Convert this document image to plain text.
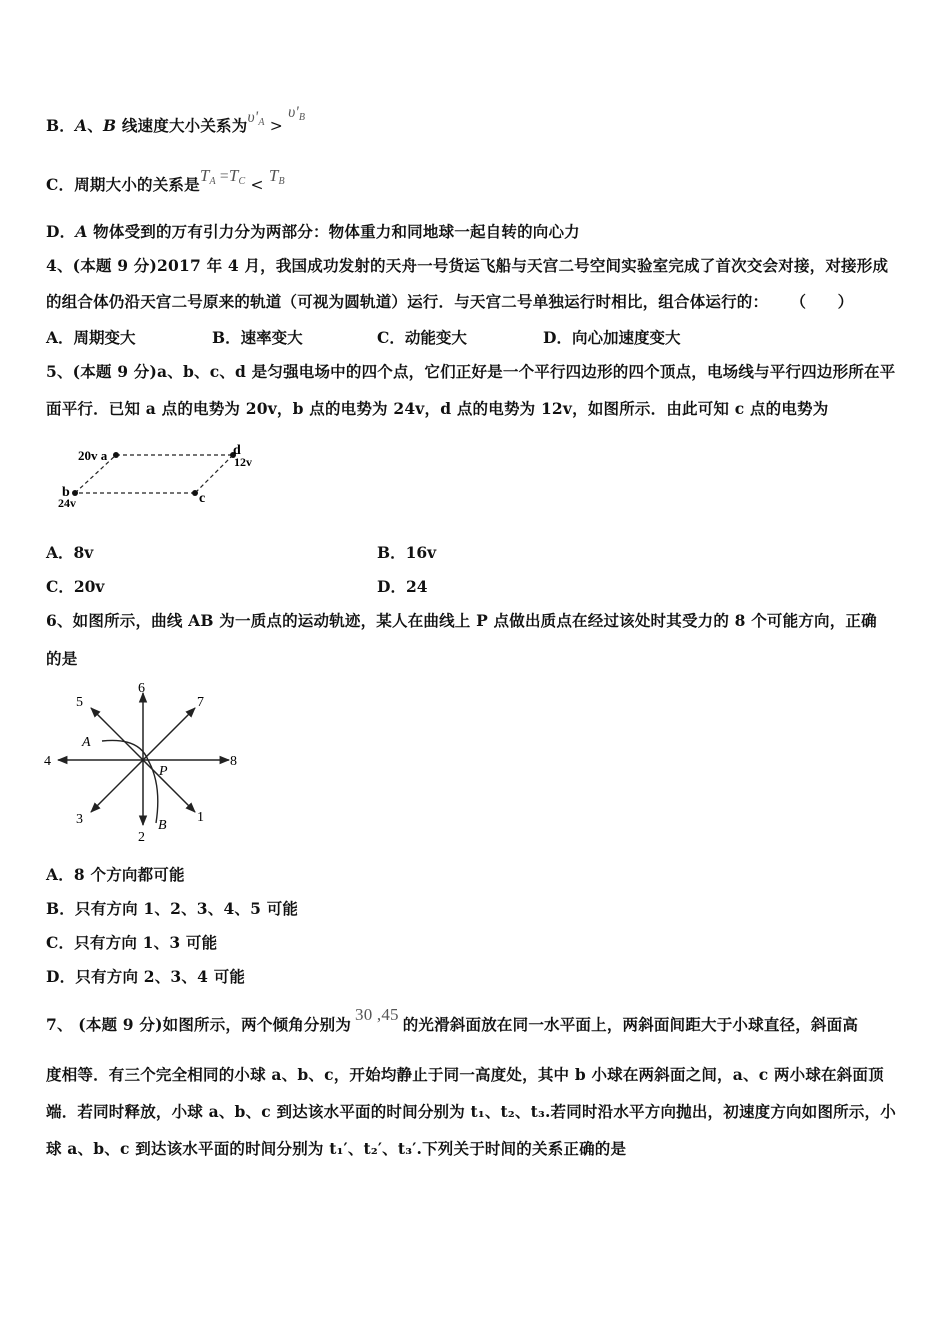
B．A、B 线速度大小关系为$\upsilon'_A > \upsilon'_B$
C．周期大小的关系是$T_A =T_C < T_B$
D．A 物体受到的万有引力分为两部分：物体重力和同地球一起自转的向心力
4、(本题 9 分)2017 年 4 月，我国成功发射的天舟一号货运飞船与天宫二号空间实验室完成了首次交会对接，对接形成
的组合体仍沿天宫二号原来的轨道（可视为圆轨道）运行．与天宫二号单独运行时相比，组合体运行的： （　　）
A．周期变大	B．速率变大	C．动能变大	D．向心加速度变大
5、(本题 9 分)a、b、c、d 是匀强电场中的四个点，它们正好是一个平行四边形的四个顶点，电场线与平行四边形所在平
面平行．已知 a 点的电势为 20v，b 点的电势为 24v，d 点的电势为 12v，如图所示．由此可知 c 点的电势为
20v a	d
12v
b
24v	c
A．8v	B．16v
C．20v	D．24
6、如图所示，曲线 AB 为一质点的运动轨迹，某人在曲线上 P 点做出质点在经过该处时其受力的 8 个可能方向，正确
的是
6
2
4	8
5	7
3	1
A
B
P
A．8 个方向都可能
B．只有方向 1、2、3、4、5 可能
C．只有方向 1、3 可能
D．只有方向 2、3、4 可能
7、 (本题 9 分)如图所示，两个倾角分别为30 ,45的光滑斜面放在同一水平面上，两斜面间距大于小球直径，斜面高
度相等．有三个完全相同的小球 a、b、c，开始均静止于同一高度处，其中 b 小球在两斜面之间，a、c 两小球在斜面顶
端．若同时释放，小球 a、b、c 到达该水平面的时间分别为 t₁、t₂、t₃.若同时沿水平方向抛出，初速度方向如图所示，小
球 a、b、c 到达该水平面的时间分别为 t₁′、t₂′、t₃′.下列关于时间的关系正确的是
